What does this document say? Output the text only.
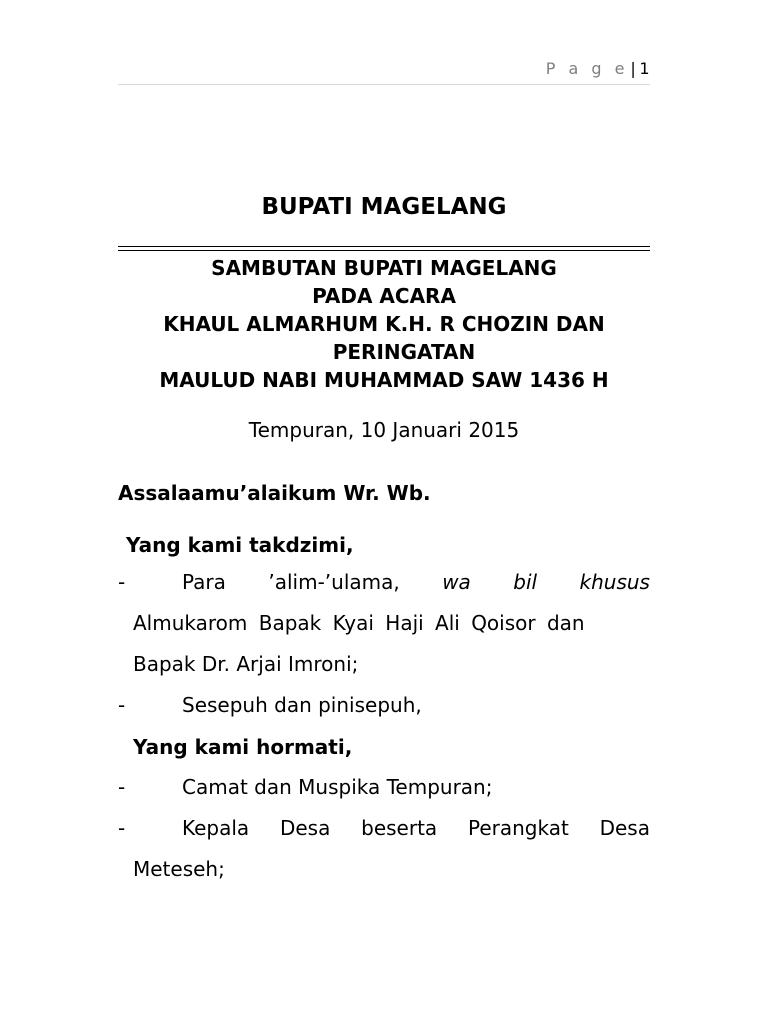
P a g e | 1
BUPATI MAGELANG
SAMBUTAN BUPATI MAGELANG
PADA ACARA
KHAUL ALMARHUM K.H. R CHOZIN DAN
PERINGATAN
MAULUD NABI MUHAMMAD SAW 1436 H
Tempuran, 10 Januari 2015
Assalaamu’alaikum Wr. Wb.
Yang kami takdzimi,
-	Para ’alim-’ulama, wa bil khusus
Almukarom Bapak Kyai Haji Ali Qoisor dan
Bapak Dr. Arjai Imroni;
-	Sesepuh dan pinisepuh,
Yang kami hormati,
-	Camat dan Muspika Tempuran;
-	Kepala Desa beserta Perangkat Desa
Meteseh;
